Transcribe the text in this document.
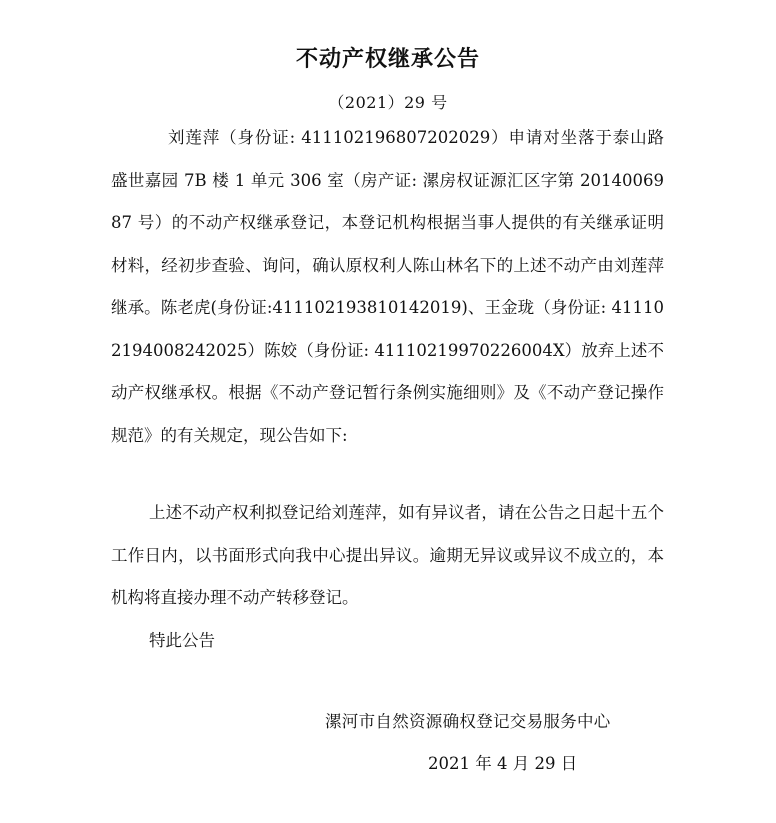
不动产权继承公告
（2021）29 号

刘莲萍（身份证: 411102196807202029）申请对坐落于泰山路盛世嘉园 7B 楼 1 单元 306 室（房产证: 漯房权证源汇区字第 2014006987 号）的不动产权继承登记，本登记机构根据当事人提供的有关继承证明材料，经初步查验、询问，确认原权利人陈山林名下的上述不动产由刘莲萍继承。陈老虎(身份证:411102193810142019)、王金珑（身份证: 411102194008242025）陈姣（身份证: 41110219970226004X）放弃上述不动产权继承权。根据《不动产登记暂行条例实施细则》及《不动产登记操作规范》的有关规定，现公告如下:

上述不动产权利拟登记给刘莲萍，如有异议者，请在公告之日起十五个工作日内，以书面形式向我中心提出异议。逾期无异议或异议不成立的，本机构将直接办理不动产转移登记。

特此公告

漯河市自然资源确权登记交易服务中心
2021 年 4 月 29 日
